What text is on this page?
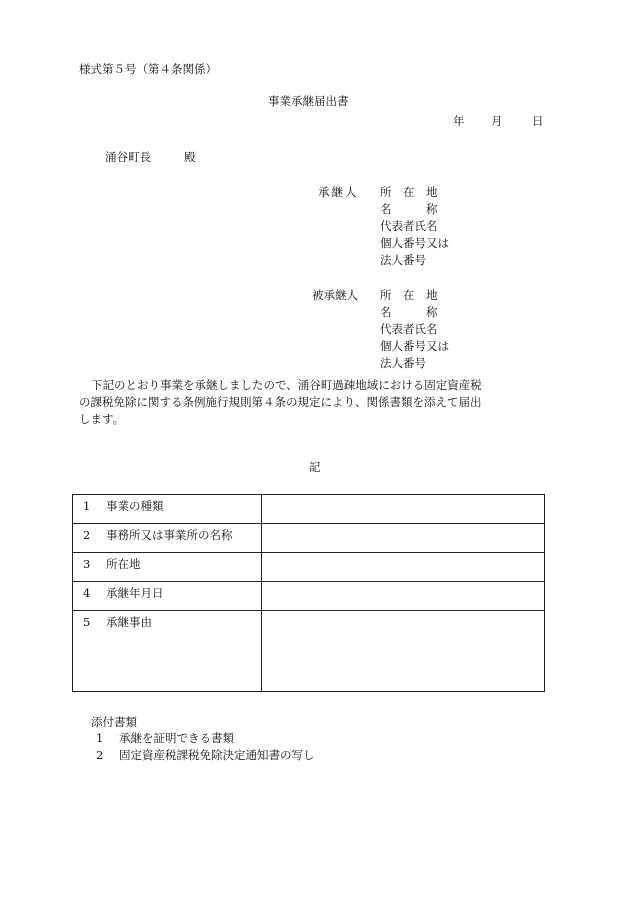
様式第５号（第４条関係）
事業承継届出書
年 月	日
涌谷町長	殿
承継人 所　在　地
名　　　称
代表者氏名
個人番号又は
法人番号
被承継人 所　在　地
名　　　称
代表者氏名
個人番号又は
法人番号
下記のとおり事業を承継しましたので、涌谷町過疎地域における固定資産税
の課税免除に関する条例施行規則第４条の規定により、関係書類を添えて届出
します。
記
1 事業の種類	
2 事務所又は事業所の名称	
3 所在地	
4 承継年月日	
5 承継事由	
添付書類
1 承継を証明できる書類
2 固定資産税課税免除決定通知書の写し
